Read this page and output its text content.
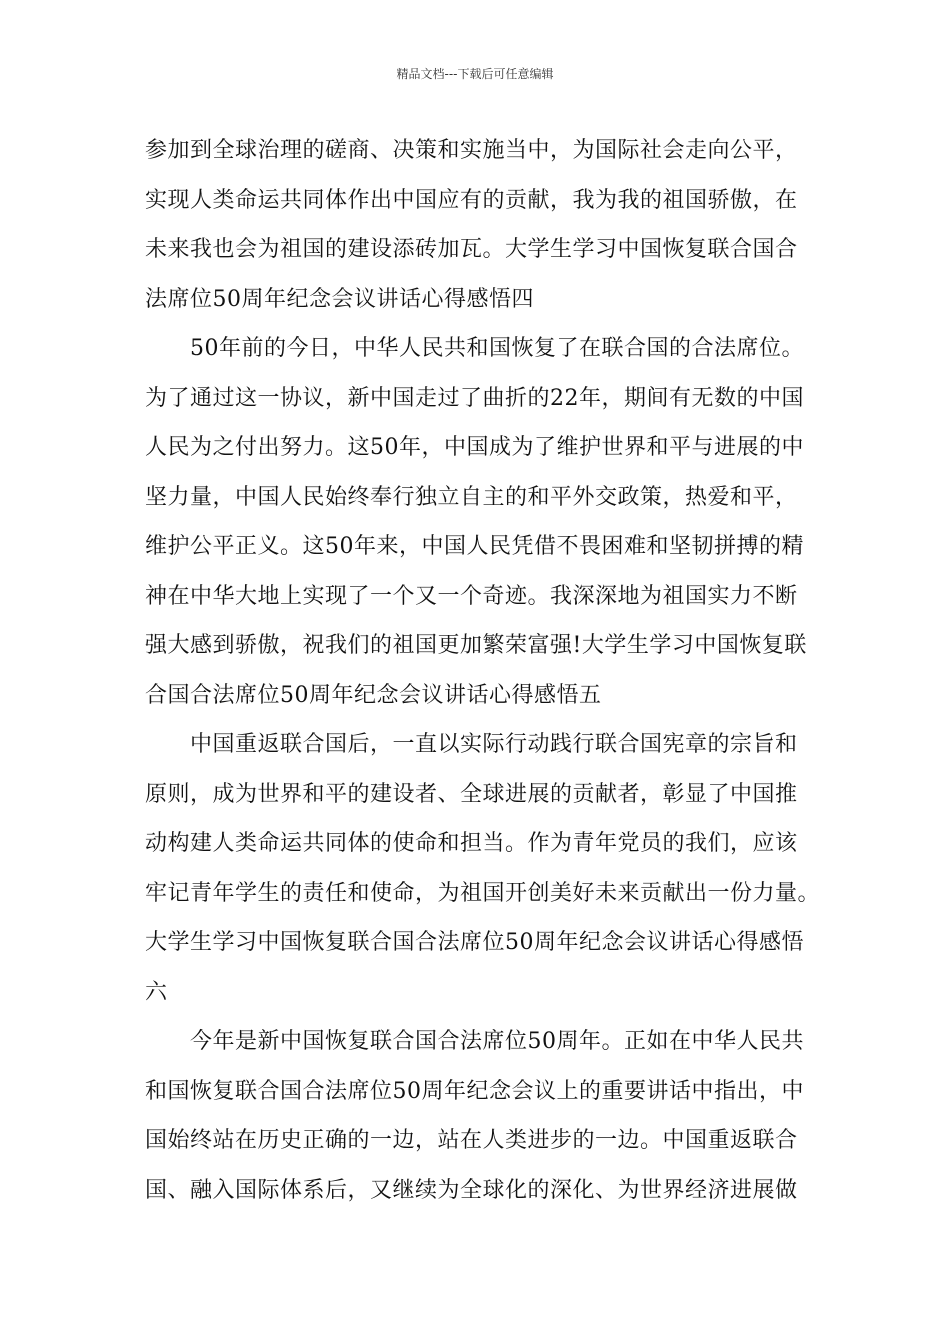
精品文档---下载后可任意编辑
参加到全球治理的磋商、决策和实施当中，为国际社会走向公平，
实现人类命运共同体作出中国应有的贡献，我为我的祖国骄傲，在
未来我也会为祖国的建设添砖加瓦。大学生学习中国恢复联合国合
法席位50周年纪念会议讲话心得感悟四
50年前的今日，中华人民共和国恢复了在联合国的合法席位。
为了通过这一协议，新中国走过了曲折的22年，期间有无数的中国
人民为之付出努力。这50年，中国成为了维护世界和平与进展的中
坚力量，中国人民始终奉行独立自主的和平外交政策，热爱和平，
维护公平正义。这50年来，中国人民凭借不畏困难和坚韧拼搏的精
神在中华大地上实现了一个又一个奇迹。我深深地为祖国实力不断
强大感到骄傲，祝我们的祖国更加繁荣富强!大学生学习中国恢复联
合国合法席位50周年纪念会议讲话心得感悟五
中国重返联合国后，一直以实际行动践行联合国宪章的宗旨和
原则，成为世界和平的建设者、全球进展的贡献者，彰显了中国推
动构建人类命运共同体的使命和担当。作为青年党员的我们，应该
牢记青年学生的责任和使命，为祖国开创美好未来贡献出一份力量。
大学生学习中国恢复联合国合法席位50周年纪念会议讲话心得感悟
六
今年是新中国恢复联合国合法席位50周年。正如在中华人民共
和国恢复联合国合法席位50周年纪念会议上的重要讲话中指出，中
国始终站在历史正确的一边，站在人类进步的一边。中国重返联合
国、融入国际体系后，又继续为全球化的深化、为世界经济进展做
